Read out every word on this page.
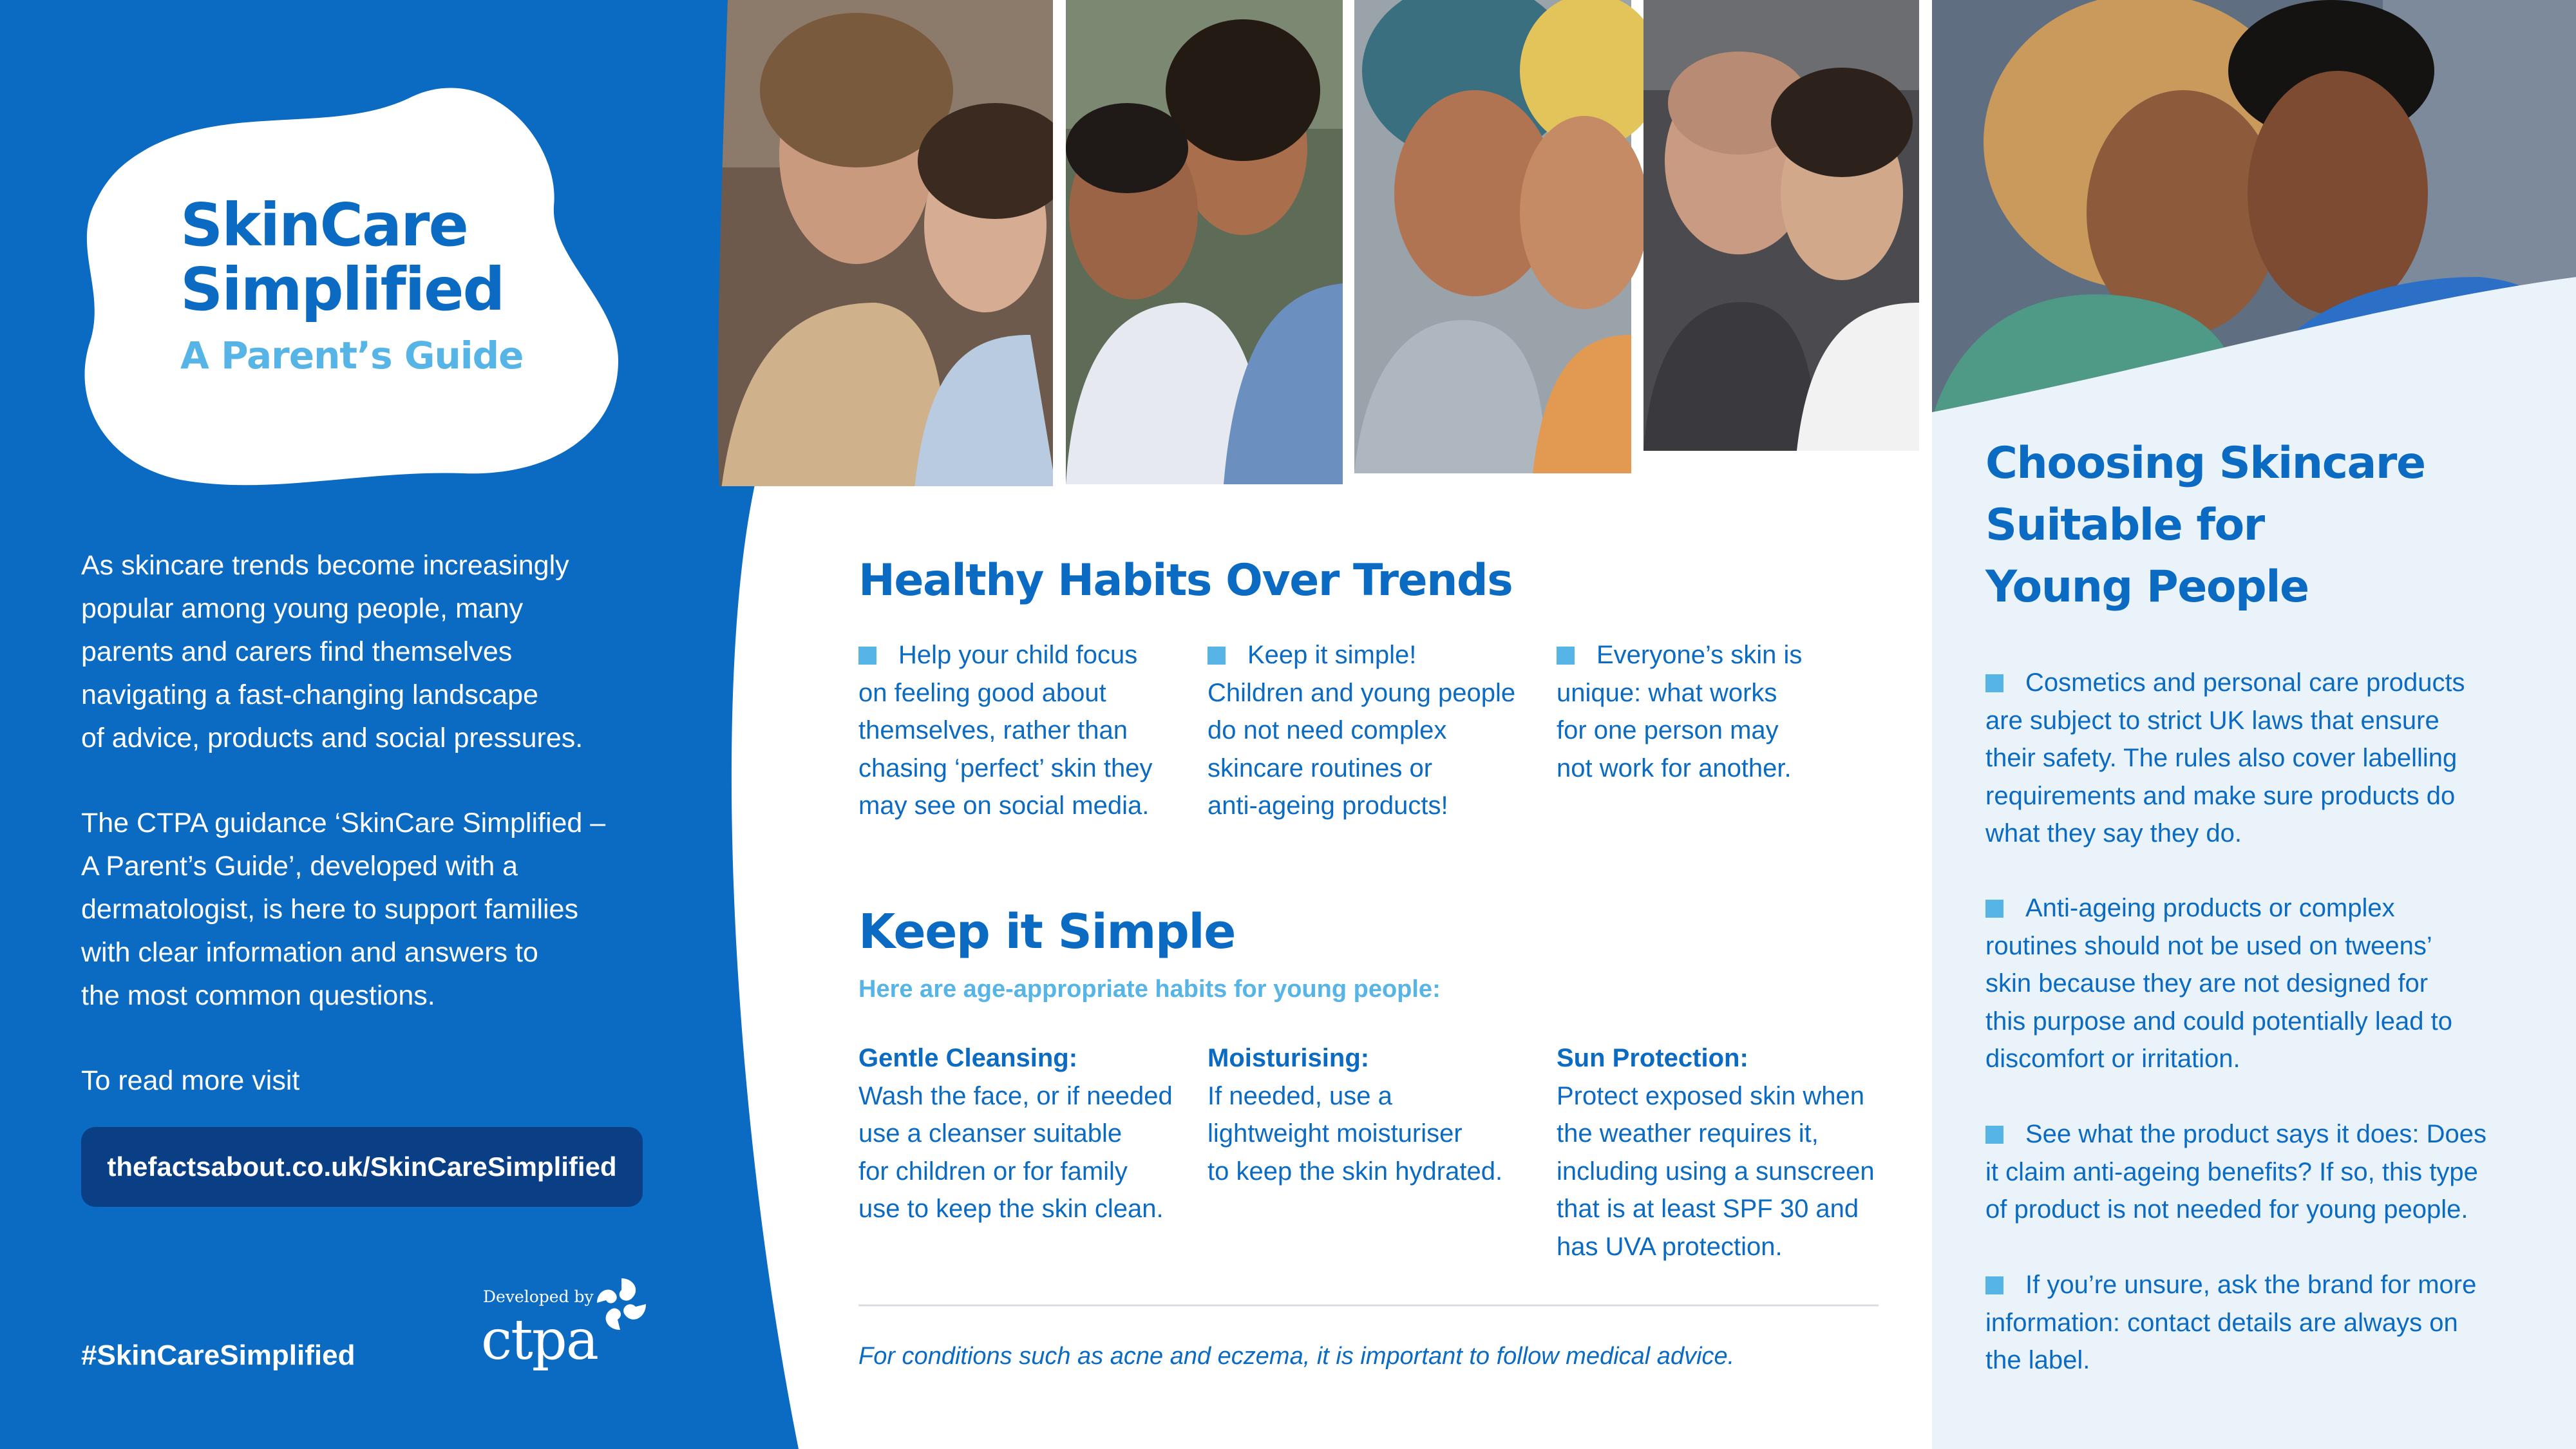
SkinCare
Simplified
A Parent’s Guide
As skincare trends become increasingly
popular among young people, many
parents and carers find themselves
navigating a fast-changing landscape
of advice, products and social pressures.
The CTPA guidance ‘SkinCare Simplified –
A Parent’s Guide’, developed with a
dermatologist, is here to support families
with clear information and answers to
the most common questions.
To read more visit
thefactsabout.co.uk/SkinCareSimplified
#SkinCareSimplified
Developed by
ctpa
Healthy Habits Over Trends
Help your child focus
on feeling good about
themselves, rather than
chasing ‘perfect’ skin they
may see on social media.
Keep it simple!
Children and young people
do not need complex
skincare routines or
anti-ageing products!
Everyone’s skin is
unique: what works
for one person may
not work for another.
Keep it Simple
Here are age-appropriate habits for young people:
Gentle Cleansing:
Wash the face, or if needed
use a cleanser suitable
for children or for family
use to keep the skin clean.
Moisturising:
If needed, use a
lightweight moisturiser
to keep the skin hydrated.
Sun Protection:
Protect exposed skin when
the weather requires it,
including using a sunscreen
that is at least SPF 30 and
has UVA protection.
For conditions such as acne and eczema, it is important to follow medical advice.
Choosing Skincare
Suitable for
Young People
Cosmetics and personal care products
are subject to strict UK laws that ensure
their safety. The rules also cover labelling
requirements and make sure products do
what they say they do.
Anti-ageing products or complex
routines should not be used on tweens’
skin because they are not designed for
this purpose and could potentially lead to
discomfort or irritation.
See what the product says it does: Does
it claim anti-ageing benefits? If so, this type
of product is not needed for young people.
If you’re unsure, ask the brand for more
information: contact details are always on
the label.
